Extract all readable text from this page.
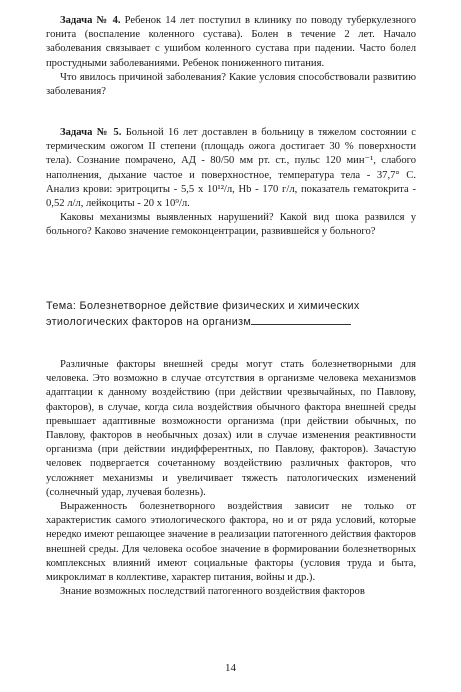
Задача № 4. Ребенок 14 лет поступил в клинику по поводу туберкулезного гонита (воспаление коленного сустава). Болен в течение 2 лет. Начало заболевания связывает с ушибом коленного сустава при падении. Часто болел простудными заболеваниями. Ребенок пониженного питания.

Что явилось причиной заболевания? Какие условия способствовали развитию заболевания?

Задача № 5. Больной 16 лет доставлен в больницу в тяжелом состоянии с термическим ожогом II степени (площадь ожога достигает 30 % поверхности тела). Сознание помрачено, АД - 80/50 мм рт. ст., пульс 120 мин⁻¹, слабого наполнения, дыхание частое и поверхностное, температура тела - 37,7° С. Анализ крови: эритроциты - 5,5 х 10¹²/л, Hb - 170 г/л, показатель гематокрита - 0,52 л/л, лейкоциты - 20 х 10⁹/л.

Каковы механизмы выявленных нарушений? Какой вид шока развился у больного? Каково значение гемоконцентрации, развившейся у больного?

Тема: Болезнетворное действие физических и химических этиологических факторов на организм

Различные факторы внешней среды могут стать болезнетворными для человека. Это возможно в случае отсутствия в организме человека механизмов адаптации к данному воздействию (при действии чрезвычайных, по Павлову, факторов), в случае, когда сила воздействия обычного фактора внешней среды превышает адаптивные возможности организма (при действии обычных, по Павлову, факторов в необычных дозах) или в случае изменения реактивности организма (при действии индифферентных, по Павлову, факторов). Зачастую человек подвергается сочетанному воздействию различных факторов, что усложняет механизмы и увеличивает тяжесть патологических изменений (солнечный удар, лучевая болезнь).

Выраженность болезнетворного воздействия зависит не только от характеристик самого этиологического фактора, но и от ряда условий, которые нередко имеют решающее значение в реализации патогенного действия факторов внешней среды. Для человека особое значение в формировании болезнетворных комплексных влияний имеют социальные факторы (условия труда и быта, микроклимат в коллективе, характер питания, войны и др.).

Знание возможных последствий патогенного воздействия факторов

14
